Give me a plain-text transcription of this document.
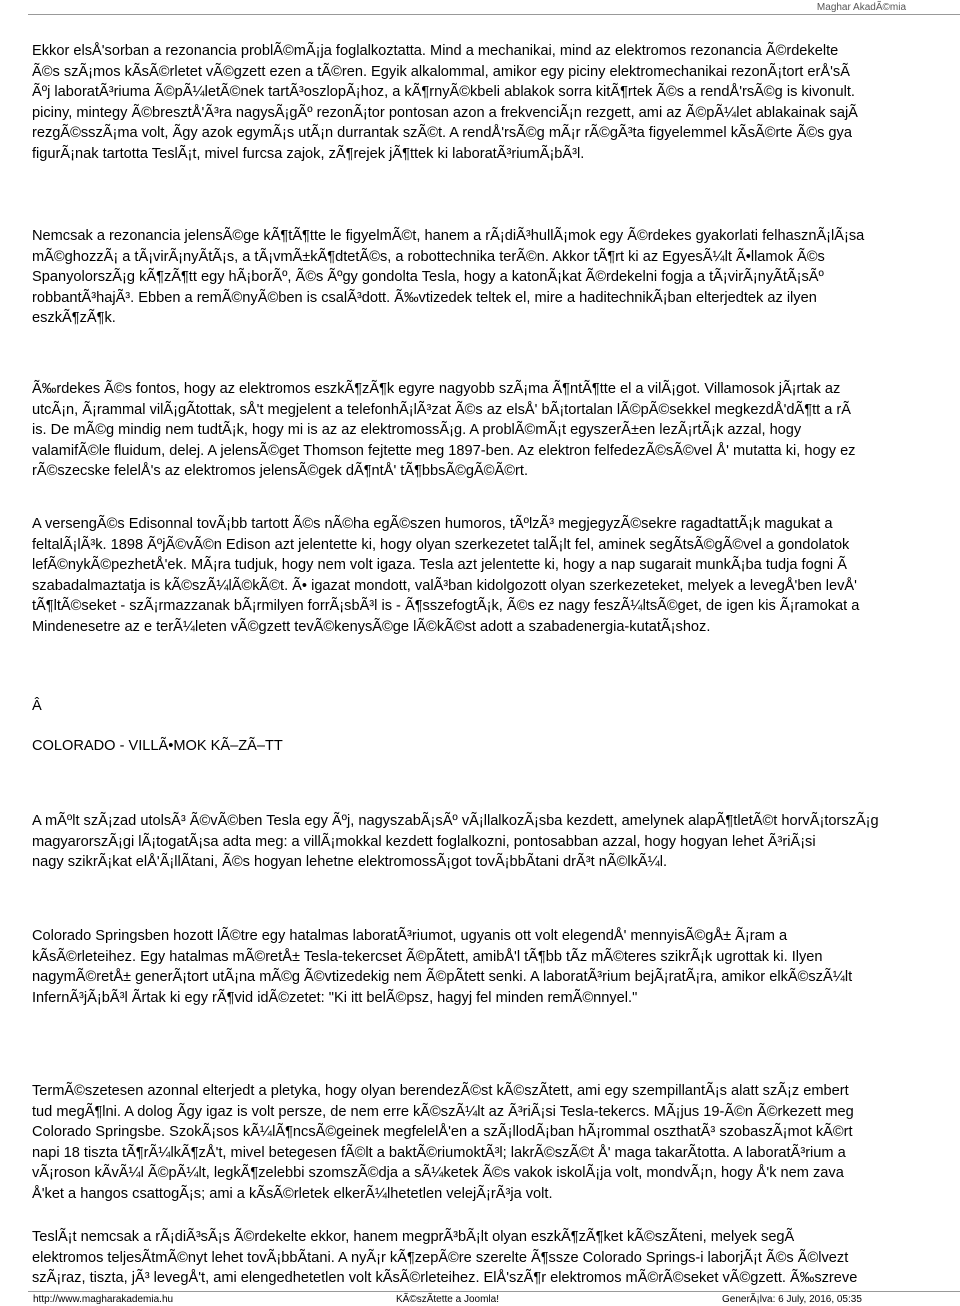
Maghar AkadÃ©mia

Ekkor elsÅ'sorban a rezonancia problÃ©mÃ¡ja foglalkoztatta. Mind a mechanikai, mind az elektromos rezonancia Ã©rdekelte
Ã©s szÃ¡mos kÃsÃ©rletet vÃ©gzett ezen a tÃ©ren. Egyik alkalommal, amikor egy piciny elektromechanikai rezonÃ¡tort erÅ'sÃ
Ãºj laboratÃ³riuma Ã©pÃ¼letÃ©nek tartÃ³oszlopÃ¡hoz, a kÃ¶rnyÃ©kbeli ablakok sorra kitÃ¶rtek Ã©s a rendÅ'rsÃ©g is kivonult.
piciny, mintegy Ã©bresztÅ'Ã³ra nagysÃ¡gÃº rezonÃ¡tor pontosan azon a frekvenciÃ¡n rezgett, ami az Ã©pÃ¼let ablakainak sajÃ
rezgÃ©sszÃ¡ma volt, Ãgy azok egymÃ¡s utÃ¡n durrantak szÃ©t. A rendÅ'rsÃ©g mÃ¡r rÃ©gÃ³ta figyelemmel kÃsÃ©rte Ã©s gya
figurÃ¡nak tartotta TeslÃ¡t, mivel furcsa zajok, zÃ¶rejek jÃ¶ttek ki laboratÃ³riumÃ¡bÃ³l.

Nemcsak a rezonancia jelensÃ©ge kÃ¶tÃ¶tte le figyelmÃ©t, hanem a rÃ¡diÃ³hullÃ¡mok egy Ã©rdekes gyakorlati felhasznÃ¡lÃ¡sa
mÃ©ghozzÃ¡ a tÃ¡virÃ¡nyÃtÃ¡s, a tÃ¡vmÃ±kÃ¶dtetÃ©s, a robottechnika terÃ©n. Akkor tÃ¶rt ki az EgyesÃ¼lt Ã•llamok Ã©s
SpanyolorszÃ¡g kÃ¶zÃ¶tt egy hÃ¡borÃº, Ã©s Ãºgy gondolta Tesla, hogy a katonÃ¡kat Ã©rdekelni fogja a tÃ¡virÃ¡nyÃtÃ¡sÃº
robbantÃ³hajÃ³. Ebben a remÃ©nyÃ©ben is csalÃ³dott. Ã‰vtizedek teltek el, mire a haditechnikÃ¡ban elterjedtek az ilyen
eszkÃ¶zÃ¶k.

Ã‰rdekes Ã©s fontos, hogy az elektromos eszkÃ¶zÃ¶k egyre nagyobb szÃ¡ma Ã¶ntÃ¶tte el a vilÃ¡got. Villamosok jÃ¡rtak az
utcÃ¡n, Ã¡rammal vilÃ¡gÃtottak, sÅ't megjelent a telefonhÃ¡lÃ³zat Ã©s az elsÅ' bÃ¡tortalan lÃ©pÃ©sekkel megkezdÅ'dÃ¶tt a rÃ
is. De mÃ©g mindig nem tudtÃ¡k, hogy mi is az az elektromossÃ¡g. A problÃ©mÃ¡t egyszerÃ±en lezÃ¡rtÃ¡k azzal, hogy
valamifÃ©le fluidum, delej. A jelensÃ©get Thomson fejtette meg 1897-ben. Az elektron felfedezÃ©sÃ©vel Å' mutatta ki, hogy ez
rÃ©szecske felelÅ's az elektromos jelensÃ©gek dÃ¶ntÅ' tÃ¶bbsÃ©gÃ©Ã©rt.

A versengÃ©s Edisonnal tovÃ¡bb tartott Ã©s nÃ©ha egÃ©szen humoros, tÃºlzÃ³ megjegyzÃ©sekre ragadtattÃ¡k magukat a
feltalÃ¡lÃ³k. 1898 ÃºjÃ©vÃ©n Edison azt jelentette ki, hogy olyan szerkezetet talÃ¡lt fel, aminek segÃtsÃ©gÃ©vel a gondolatok
lefÃ©nykÃ©pezhetÅ'ek. MÃ¡ra tudjuk, hogy nem volt igaza. Tesla azt jelentette ki, hogy a nap sugarait munkÃ¡ba tudja fogni Ã
szabadalmaztatja is kÃ©szÃ¼lÃ©kÃ©t. Ã• igazat mondott, valÃ³ban kidolgozott olyan szerkezeteket, melyek a levegÅ'ben levÅ'
tÃ¶ltÃ©seket - szÃ¡rmazzanak bÃ¡rmilyen forrÃ¡sbÃ³l is - Ã¶sszefogtÃ¡k, Ã©s ez nagy feszÃ¼ltsÃ©get, de igen kis Ã¡ramokat a
Mindenesetre az e terÃ¼leten vÃ©gzett tevÃ©kenysÃ©ge lÃ©kÃ©st adott a szabadenergia-kutatÃ¡shoz.

Â

COLORADO - VILLÃ•MOK KÃ–ZÃ–TT

A mÃºlt szÃ¡zad utolsÃ³ Ã©vÃ©ben Tesla egy Ãºj, nagyszabÃ¡sÃº vÃ¡llalkozÃ¡sba kezdett, amelynek alapÃ¶tletÃ©t horvÃ¡torszÃ¡g
magyarorszÃ¡gi lÃ¡togatÃ¡sa adta meg: a villÃ¡mokkal kezdett foglalkozni, pontosabban azzal, hogy hogyan lehet Ã³riÃ¡si
nagy szikrÃ¡kat elÅ'Ã¡llÃtani, Ã©s hogyan lehetne elektromossÃ¡got tovÃ¡bbÃtani drÃ³t nÃ©lkÃ¼l.

Colorado Springsben hozott lÃ©tre egy hatalmas laboratÃ³riumot, ugyanis ott volt elegendÅ' mennyisÃ©gÅ± Ã¡ram a
kÃsÃ©rleteihez. Egy hatalmas mÃ©retÅ± Tesla-tekercset Ã©pÃtett, amibÅ'l tÃ¶bb tÃz mÃ©teres szikrÃ¡k ugrottak ki. Ilyen
nagymÃ©retÅ± generÃ¡tort utÃ¡na mÃ©g Ã©vtizedekig nem Ã©pÃtett senki. A laboratÃ³rium bejÃ¡ratÃ¡ra, amikor elkÃ©szÃ¼lt
InfernÃ³jÃ¡bÃ³l Ãrtak ki egy rÃ¶vid idÃ©zetet: "Ki itt belÃ©psz, hagyj fel minden remÃ©nnyel."

TermÃ©szetesen azonnal elterjedt a pletyka, hogy olyan berendezÃ©st kÃ©szÃtett, ami egy szempillantÃ¡s alatt szÃ¡z embert
tud megÃ¶lni. A dolog Ãgy igaz is volt persze, de nem erre kÃ©szÃ¼lt az Ã³riÃ¡si Tesla-tekercs. MÃ¡jus 19-Ã©n Ã©rkezett meg
Colorado Springsbe. SzokÃ¡sos kÃ¼lÃ¶ncsÃ©geinek megfelelÅ'en a szÃ¡llodÃ¡ban hÃ¡rommal oszthatÃ³ szobaszÃ¡mot kÃ©rt
napi 18 tiszta tÃ¶rÃ¼lkÃ¶zÅ't, mivel betegesen fÃ©lt a baktÃ©riumoktÃ³l; lakrÃ©szÃ©t Å' maga takarÃtotta. A laboratÃ³rium a
vÃ¡roson kÃvÃ¼l Ã©pÃ¼lt, legkÃ¶zelebbi szomszÃ©dja a sÃ¼ketek Ã©s vakok iskolÃ¡ja volt, mondvÃ¡n, hogy Å'k nem zava
Å'ket a hangos csattogÃ¡s; ami a kÃsÃ©rletek elkerÃ¼lhetetlen velejÃ¡rÃ³ja volt.

TeslÃ¡t nemcsak a rÃ¡diÃ³sÃ¡s Ã©rdekelte ekkor, hanem megprÃ³bÃ¡lt olyan eszkÃ¶zÃ¶ket kÃ©szÃteni, melyek segÃ
elektromos teljesÃtmÃ©nyt lehet tovÃ¡bbÃtani. A nyÃ¡r kÃ¶zepÃ©re szerelte Ã¶ssze Colorado Springs-i laborjÃ¡t Ã©s Ã©lvezt
szÃ¡raz, tiszta, jÃ³ levegÅ't, ami elengedhetetlen volt kÃsÃ©rleteihez. ElÅ'szÃ¶r elektromos mÃ©rÃ©seket vÃ©gzett. Ã‰szreve

http://www.magharakademia.hu	KÃ©szÃtette a Joomla!	GenerÃ¡lva: 6 July, 2016, 05:35
